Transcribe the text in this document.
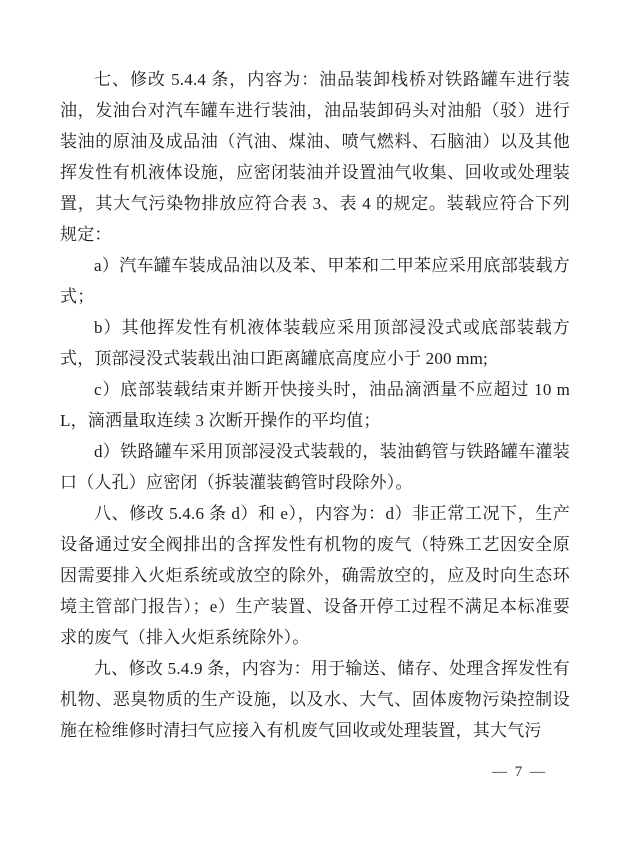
七、修改 5.4.4 条，内容为：油品装卸栈桥对铁路罐车进行装油，发油台对汽车罐车进行装油，油品装卸码头对油船（驳）进行装油的原油及成品油（汽油、煤油、喷气燃料、石脑油）以及其他挥发性有机液体设施，应密闭装油并设置油气收集、回收或处理装置，其大气污染物排放应符合表 3、表 4 的规定。装载应符合下列规定：

a）汽车罐车装成品油以及苯、甲苯和二甲苯应采用底部装载方式；

b）其他挥发性有机液体装载应采用顶部浸没式或底部装载方式，顶部浸没式装载出油口距离罐底高度应小于 200 mm;

c）底部装载结束并断开快接头时，油品滴洒量不应超过 10 mL，滴洒量取连续 3 次断开操作的平均值；

d）铁路罐车采用顶部浸没式装载的，装油鹤管与铁路罐车灌装口（人孔）应密闭（拆装灌装鹤管时段除外）。

八、修改 5.4.6 条 d）和 e），内容为：d）非正常工况下，生产设备通过安全阀排出的含挥发性有机物的废气（特殊工艺因安全原因需要排入火炬系统或放空的除外，确需放空的，应及时向生态环境主管部门报告）；e）生产装置、设备开停工过程不满足本标准要求的废气（排入火炬系统除外）。

九、修改 5.4.9 条，内容为：用于输送、储存、处理含挥发性有机物、恶臭物质的生产设施，以及水、大气、固体废物污染控制设施在检维修时清扫气应接入有机废气回收或处理装置，其大气污

— 7 —
